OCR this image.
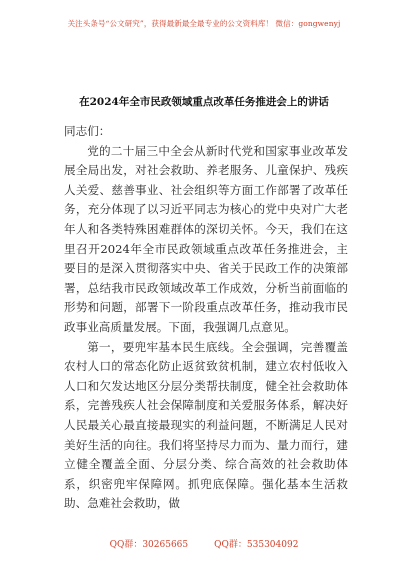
关注头条号“公文研究”，获得最新最全最专业的公文资料库！ 微信：gongwenyj
在2024年全市民政领域重点改革任务推进会上的讲话

同志们：

党的二十届三中全会从新时代党和国家事业改革发展全局出发，对社会救助、养老服务、儿童保护、残疾人关爱、慈善事业、社会组织等方面工作部署了改革任务，充分体现了以习近平同志为核心的党中央对广大老年人和各类特殊困难群体的深切关怀。今天，我们在这里召开2024年全市民政领域重点改革任务推进会，主要目的是深入贯彻落实中央、省关于民政工作的决策部署，总结我市民政领域改革工作成效，分析当前面临的形势和问题，部署下一阶段重点改革任务，推动我市民政事业高质量发展。下面，我强调几点意见。

第一，要兜牢基本民生底线。全会强调，完善覆盖农村人口的常态化防止返贫致贫机制，建立农村低收入人口和欠发达地区分层分类帮扶制度，健全社会救助体系，完善残疾人社会保障制度和关爱服务体系，解决好人民最关心最直接最现实的利益问题，不断满足人民对美好生活的向往。我们将坚持尽力而为、量力而行，建立健全覆盖全面、分层分类、综合高效的社会救助体系，织密兜牢保障网。抓兜底保障。强化基本生活救助、急难社会救助，做

QQ群：30265665	QQ群：535304092
